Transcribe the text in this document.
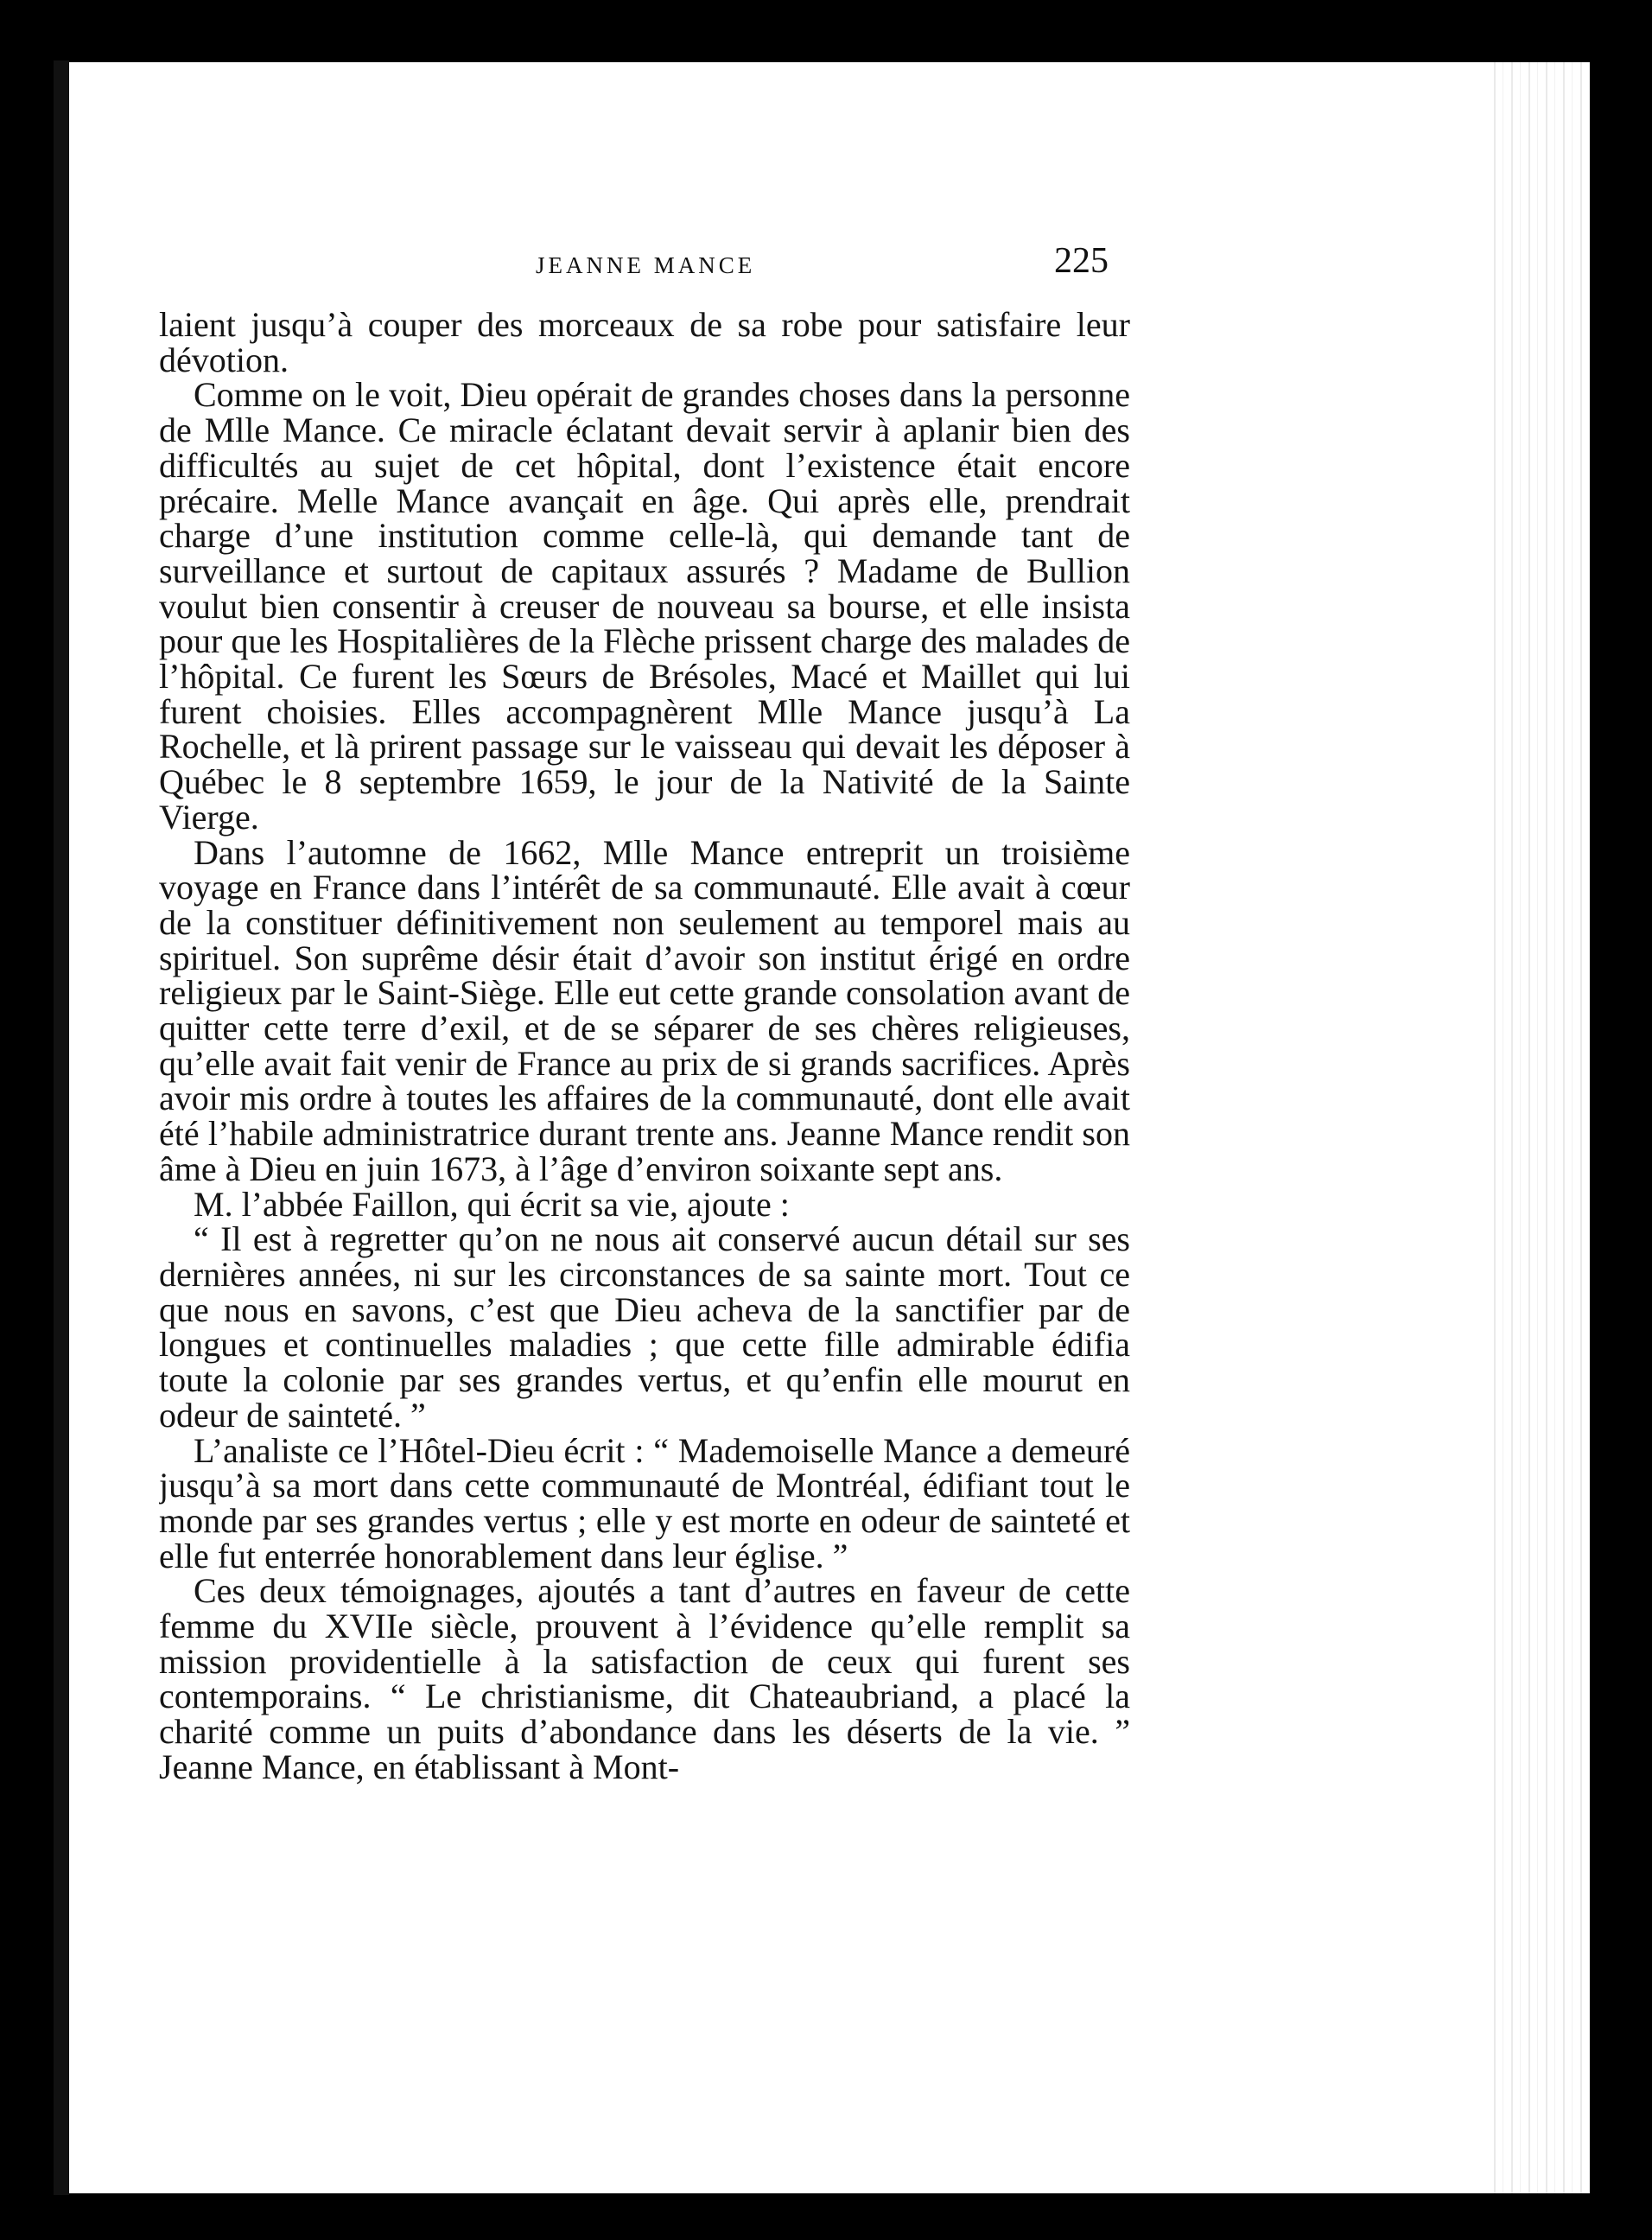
JEANNE MANCE	225

laient jusqu’à couper des morceaux de sa robe pour satisfaire leur dévotion.

Comme on le voit, Dieu opérait de grandes choses dans la personne de Mlle Mance. Ce miracle éclatant devait servir à aplanir bien des difficultés au sujet de cet hôpital, dont l’existence était encore précaire. Melle Mance avançait en âge. Qui après elle, prendrait charge d’une institution comme celle-là, qui demande tant de surveillance et surtout de capitaux assurés ? Madame de Bullion voulut bien consentir à creuser de nouveau sa bourse, et elle insista pour que les Hospitalières de la Flèche prissent charge des malades de l’hôpital. Ce furent les Sœurs de Brésoles, Macé et Maillet qui lui furent choisies. Elles accompagnèrent Mlle Mance jusqu’à La Rochelle, et là prirent passage sur le vaisseau qui devait les déposer à Québec le 8 septembre 1659, le jour de la Nativité de la Sainte Vierge.

Dans l’automne de 1662, Mlle Mance entreprit un troisième voyage en France dans l’intérêt de sa communauté. Elle avait à cœur de la constituer définitivement non seulement au temporel mais au spirituel. Son suprême désir était d’avoir son institut érigé en ordre religieux par le Saint-Siège. Elle eut cette grande consolation avant de quitter cette terre d’exil, et de se séparer de ses chères religieuses, qu’elle avait fait venir de France au prix de si grands sacrifices. Après avoir mis ordre à toutes les affaires de la communauté, dont elle avait été l’habile administratrice durant trente ans. Jeanne Mance rendit son âme à Dieu en juin 1673, à l’âge d’environ soixante sept ans.

M. l’abbée Faillon, qui écrit sa vie, ajoute :

“ Il est à regretter qu’on ne nous ait conservé aucun détail sur ses dernières années, ni sur les circonstances de sa sainte mort. Tout ce que nous en savons, c’est que Dieu acheva de la sanctifier par de longues et continuelles maladies ; que cette fille admirable édifia toute la colonie par ses grandes vertus, et qu’enfin elle mourut en odeur de sainteté. ”

L’analiste ce l’Hôtel-Dieu écrit : “ Mademoiselle Mance a demeuré jusqu’à sa mort dans cette communauté de Montréal, édifiant tout le monde par ses grandes vertus ; elle y est morte en odeur de sainteté et elle fut enterrée honorablement dans leur église. ”

Ces deux témoignages, ajoutés a tant d’autres en faveur de cette femme du XVIIe siècle, prouvent à l’évidence qu’elle remplit sa mission providentielle à la satisfaction de ceux qui furent ses contemporains. “ Le christianisme, dit Chateaubriand, a placé la charité comme un puits d’abondance dans les déserts de la vie. ” Jeanne Mance, en établissant à Mont-
